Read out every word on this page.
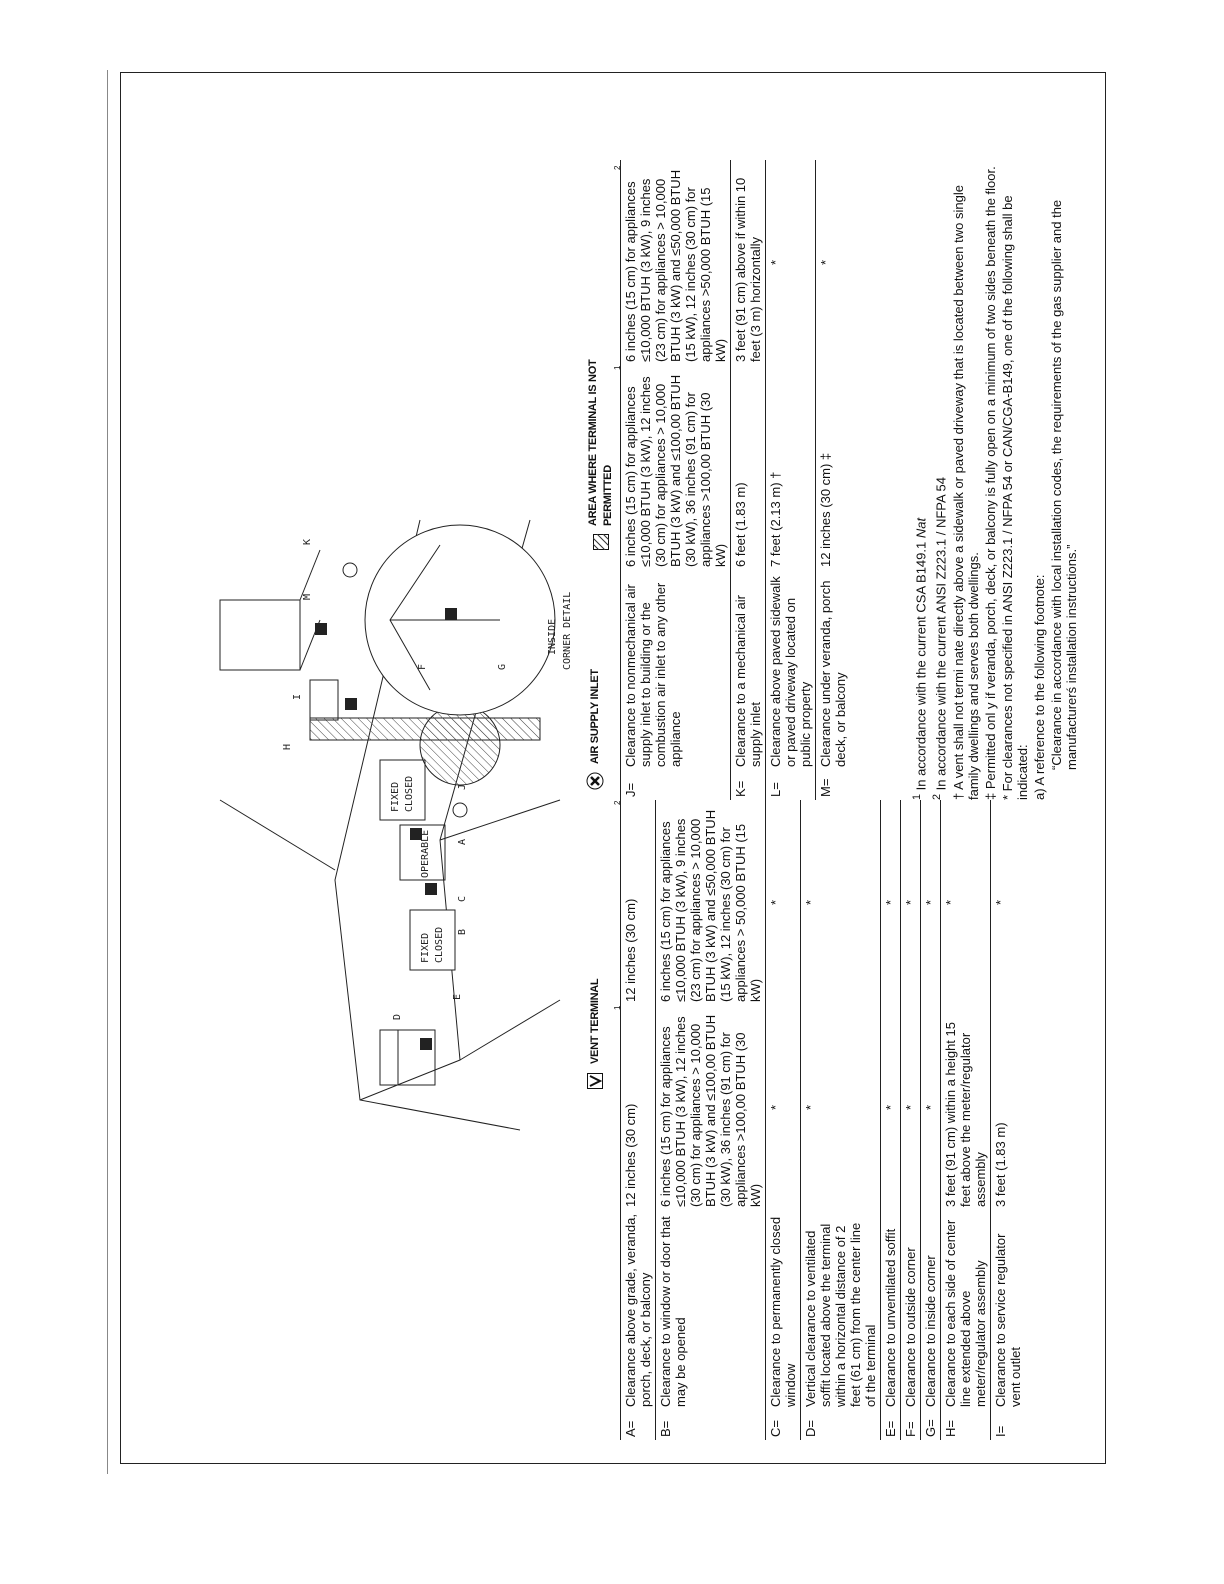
INSIDE CORNER DETAIL
FIXED CLOSED
OPERABLE
FIXED CLOSED
D
E
B
C
A
J
H
I
M
K
G
F
VENT TERMINAL
AIR SUPPLY INLET
AREA WHERE TERMINAL IS NOT PERMITTED
1
2
1
2
A=	Clearance above grade, veranda, porch, deck, or balcony	12 inches (30 cm)	12 inches (30 cm)
B=	Clearance to window or door that may be opened	6 inches (15 cm) for appliances ≤10,000 BTUH (3 kW), 12 inches (30 cm) for appliances > 10,000 BTUH (3 kW) and ≤100,00 BTUH (30 kW), 36 inches (91 cm) for appliances >100,00 BTUH (30 kW)	6 inches (15 cm) for appliances ≤10,000 BTUH (3 kW), 9 inches (23 cm) for appliances > 10,000 BTUH (3 kW) and ≤50,000 BTUH (15 kW), 12 inches (30 cm) for appliances > 50,000 BTUH (15 kW)
C=	Clearance to permanently closed window	*	*
D=	Vertical clearance to ventilated soffit located above the terminal within a horizontal distance of 2 feet (61 cm) from the center line of the terminal	*	*
E=	Clearance to unventilated soffit	*	*
F=	Clearance to outside corner	*	*
G=	Clearance to inside corner	*	*
H=	Clearance to each side of center line extended above meter/regulator assembly	3 feet (91 cm) within a height 15 feet above the meter/regulator assembly	*
I=	Clearance to service regulator vent outlet	3 feet (1.83 m)	*
J=	Clearance to nonmechanical air supply inlet to building or the combustion air inlet to any other appliance	6 inches (15 cm) for appliances ≤10,000 BTUH (3 kW), 12 inches (30 cm) for appliances > 10,000 BTUH (3 kW) and ≤100,00 BTUH (30 kW), 36 inches (91 cm) for appliances >100,00 BTUH (30 kW)	6 inches (15 cm) for appliances ≤10,000 BTUH (3 kW), 9 inches (23 cm) for appliances > 10,000 BTUH (3 kW) and ≤50,000 BTUH (15 kW), 12 inches (30 cm) for appliances >50,000 BTUH (15 kW)
K=	Clearance to a mechanical air supply inlet	6 feet (1.83 m)	3 feet (91 cm) above if within 10 feet (3 m) horizontally
L=	Clearance above paved sidewalk or paved driveway located on public property	7 feet (2.13 m) †	*
M=	Clearance under veranda, porch deck, or balcony	12 inches (30 cm) ‡	*

$^1$ In accordance with the current CSA B149.1 Nat

$^2$ In accordance with the current ANSI Z223.1 / NFPA 54 † A vent shall not termi nate directly above a sidewalk or paved driveway that is located between two single family dwellings and serves both dwellings. ‡ Permitted onl y if veranda, porch, deck, or balcony is fully open on a minimum of two sides beneath the floor. * For clearances not specified in ANSI Z223.1 / NFPA 54 or CAN/CGA-B149, one of the following shall be indicated: a) A reference to the following footnote: “Clearance in accordance with local installation codes, the requirements of the gas supplier and the manufacturerś installation instructions.”
